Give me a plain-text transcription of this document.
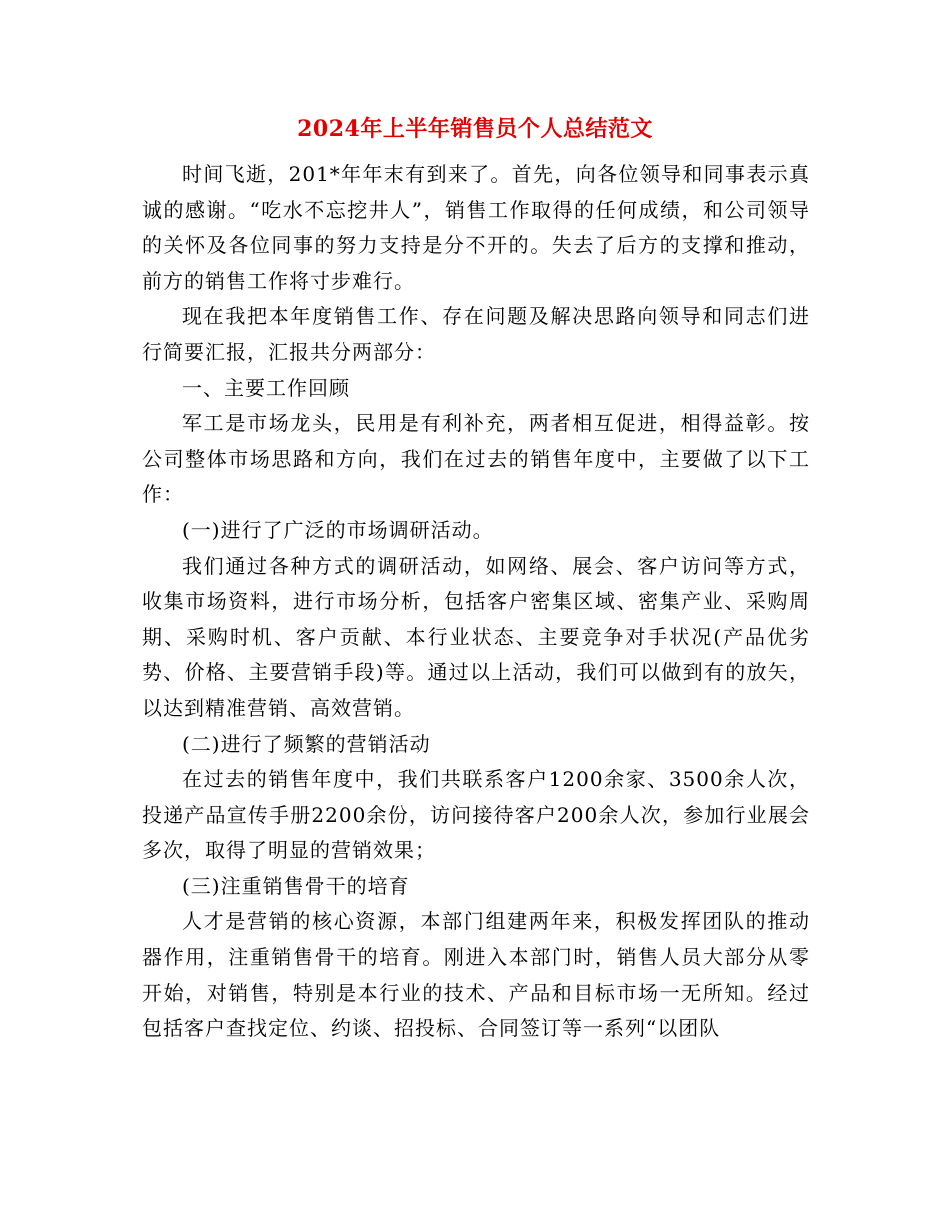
2024年上半年销售员个人总结范文

时间飞逝，201*年年末有到来了。首先，向各位领导和同事表示真诚的感谢。“吃水不忘挖井人”，销售工作取得的任何成绩，和公司领导的关怀及各位同事的努力支持是分不开的。失去了后方的支撑和推动，前方的销售工作将寸步难行。

现在我把本年度销售工作、存在问题及解决思路向领导和同志们进行简要汇报，汇报共分两部分：

一、主要工作回顾

军工是市场龙头，民用是有利补充，两者相互促进，相得益彰。按公司整体市场思路和方向，我们在过去的销售年度中，主要做了以下工作：

(一)进行了广泛的市场调研活动。

我们通过各种方式的调研活动，如网络、展会、客户访问等方式，收集市场资料，进行市场分析，包括客户密集区域、密集产业、采购周期、采购时机、客户贡献、本行业状态、主要竞争对手状况(产品优劣势、价格、主要营销手段)等。通过以上活动，我们可以做到有的放矢，以达到精准营销、高效营销。

(二)进行了频繁的营销活动

在过去的销售年度中，我们共联系客户1200余家、3500余人次，投递产品宣传手册2200余份，访问接待客户200余人次，参加行业展会多次，取得了明显的营销效果；

(三)注重销售骨干的培育

人才是营销的核心资源，本部门组建两年来，积极发挥团队的推动器作用，注重销售骨干的培育。刚进入本部门时，销售人员大部分从零开始，对销售，特别是本行业的技术、产品和目标市场一无所知。经过包括客户查找定位、约谈、招投标、合同签订等一系列“以团队
